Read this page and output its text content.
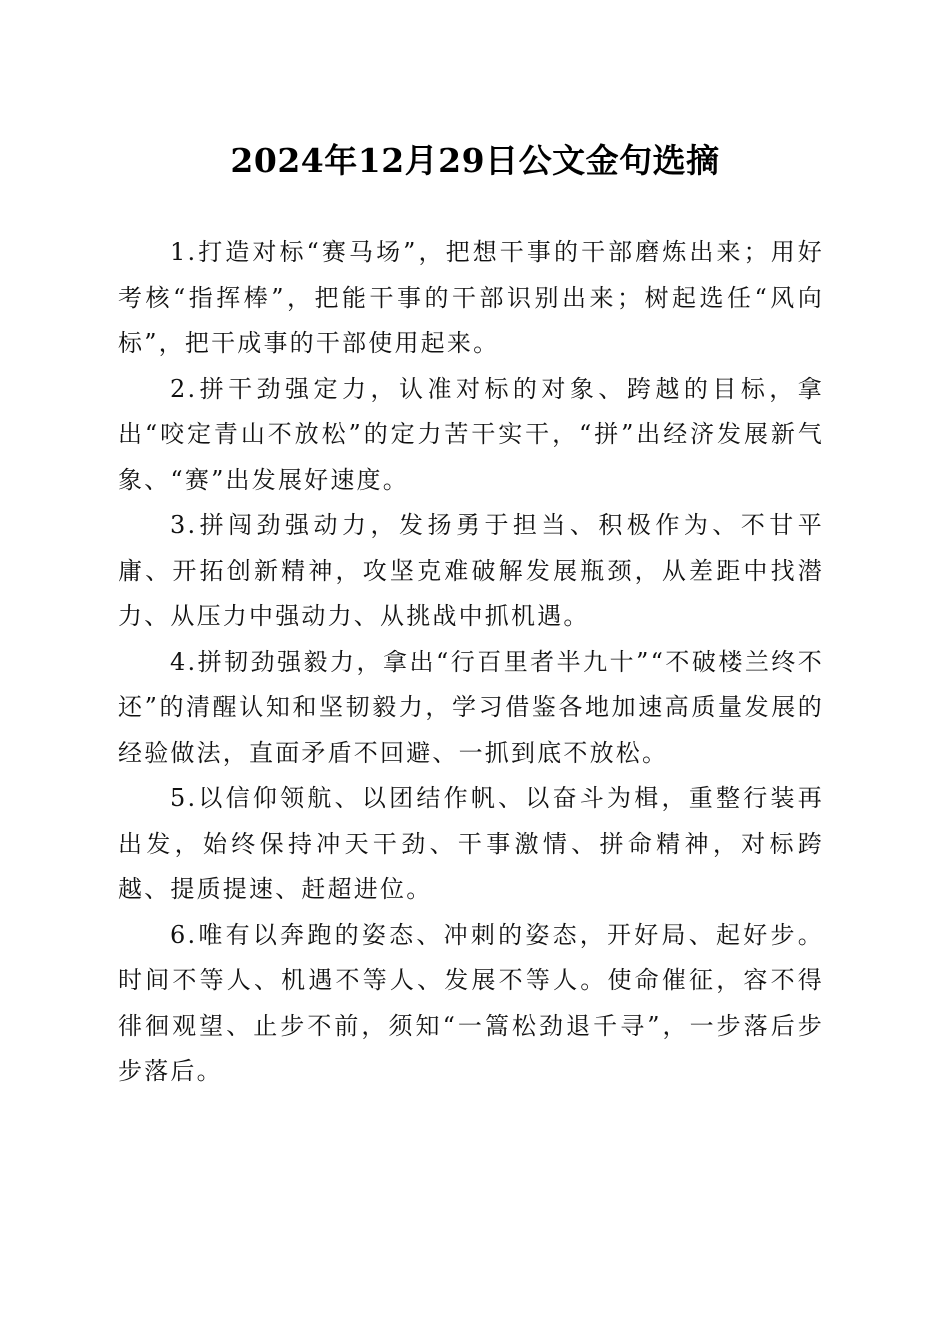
2024年12月29日公文金句选摘

1.打造对标“赛马场”，把想干事的干部磨炼出来；用好考核“指挥棒”，把能干事的干部识别出来；树起选任“风向标”，把干成事的干部使用起来。

2.拼干劲强定力，认准对标的对象、跨越的目标，拿出“咬定青山不放松”的定力苦干实干，“拼”出经济发展新气象、“赛”出发展好速度。

3.拼闯劲强动力，发扬勇于担当、积极作为、不甘平庸、开拓创新精神，攻坚克难破解发展瓶颈，从差距中找潜力、从压力中强动力、从挑战中抓机遇。

4.拼韧劲强毅力，拿出“行百里者半九十”“不破楼兰终不还”的清醒认知和坚韧毅力，学习借鉴各地加速高质量发展的经验做法，直面矛盾不回避、一抓到底不放松。

5.以信仰领航、以团结作帆、以奋斗为楫，重整行装再出发，始终保持冲天干劲、干事激情、拼命精神，对标跨越、提质提速、赶超进位。

6.唯有以奔跑的姿态、冲刺的姿态，开好局、起好步。时间不等人、机遇不等人、发展不等人。使命催征，容不得徘徊观望、止步不前，须知“一篙松劲退千寻”，一步落后步步落后。
